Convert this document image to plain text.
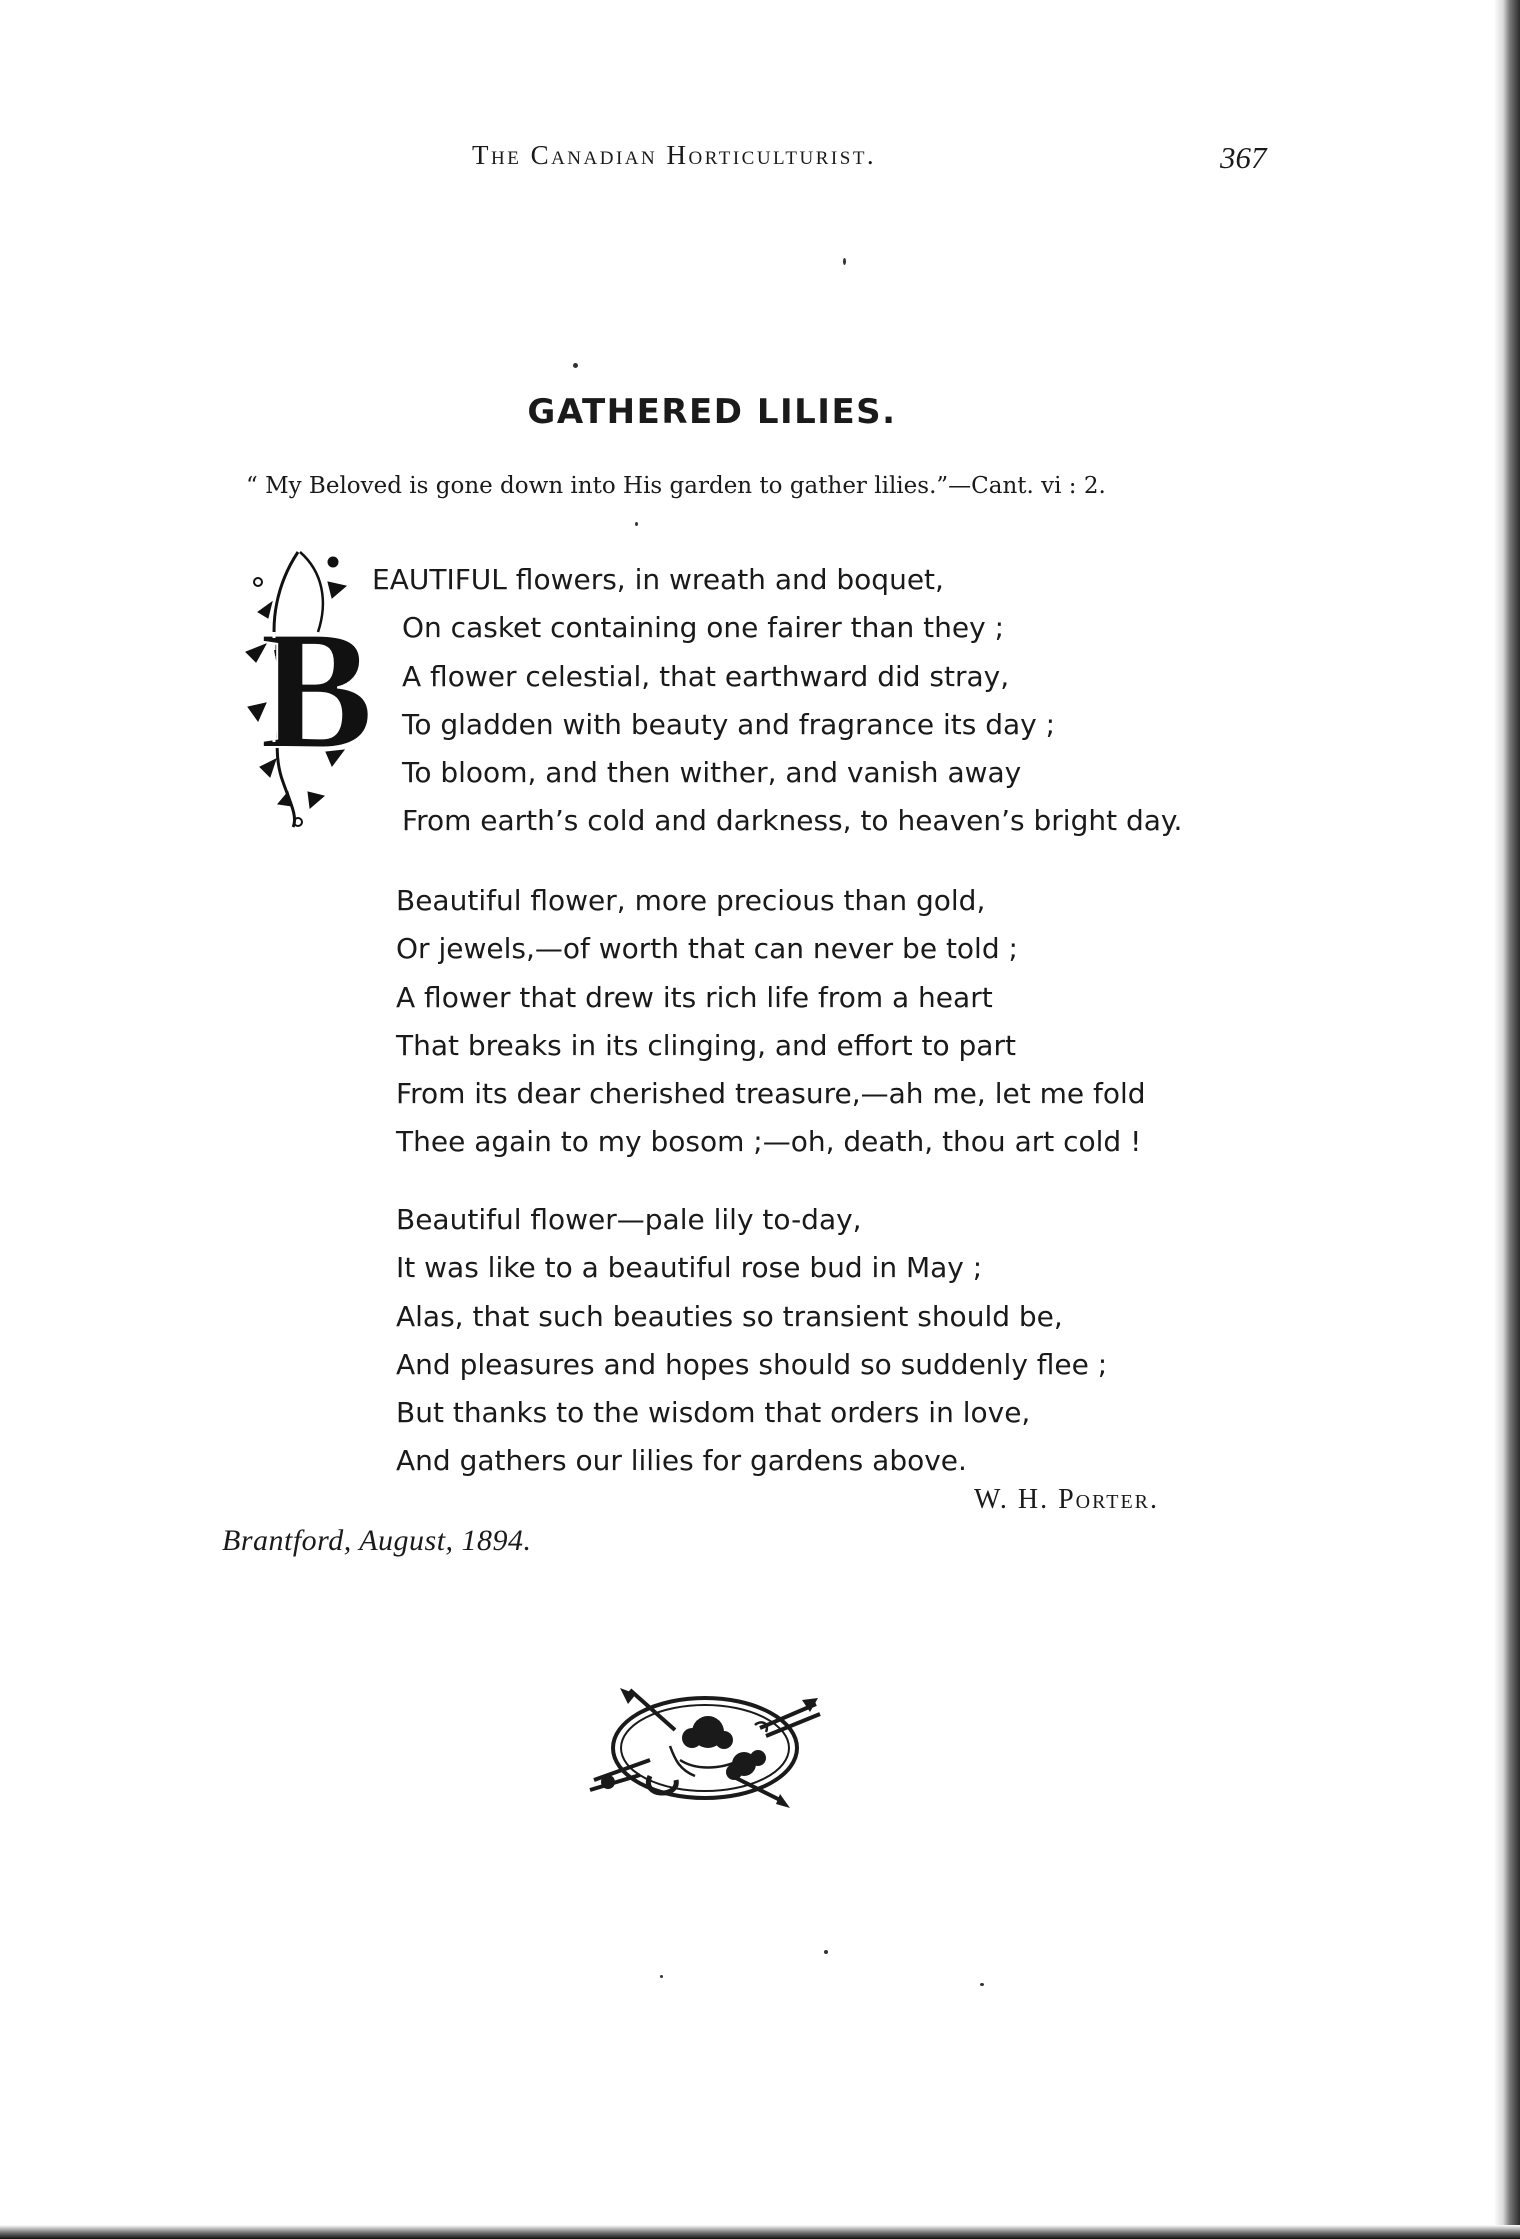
The Canadian Horticulturist.	367
GATHERED LILIES.
“ My Beloved is gone down into His garden to gather lilies.”—Cant. vi : 2.
B
EAUTIFUL flowers, in wreath and boquet,
On casket containing one fairer than they ;
A flower celestial, that earthward did stray,
To gladden with beauty and fragrance its day ;
To bloom, and then wither, and vanish away
From earth’s cold and darkness, to heaven’s bright day.
Beautiful flower, more precious than gold,
Or jewels,—of worth that can never be told ;
A flower that drew its rich life from a heart
That breaks in its clinging, and effort to part
From its dear cherished treasure,—ah me, let me fold
Thee again to my bosom ;—oh, death, thou art cold !
Beautiful flower—pale lily to-day,
It was like to a beautiful rose bud in May ;
Alas, that such beauties so transient should be,
And pleasures and hopes should so suddenly flee ;
But thanks to the wisdom that orders in love,
And gathers our lilies for gardens above.
W. H. Porter.
Brantford, August, 1894.
